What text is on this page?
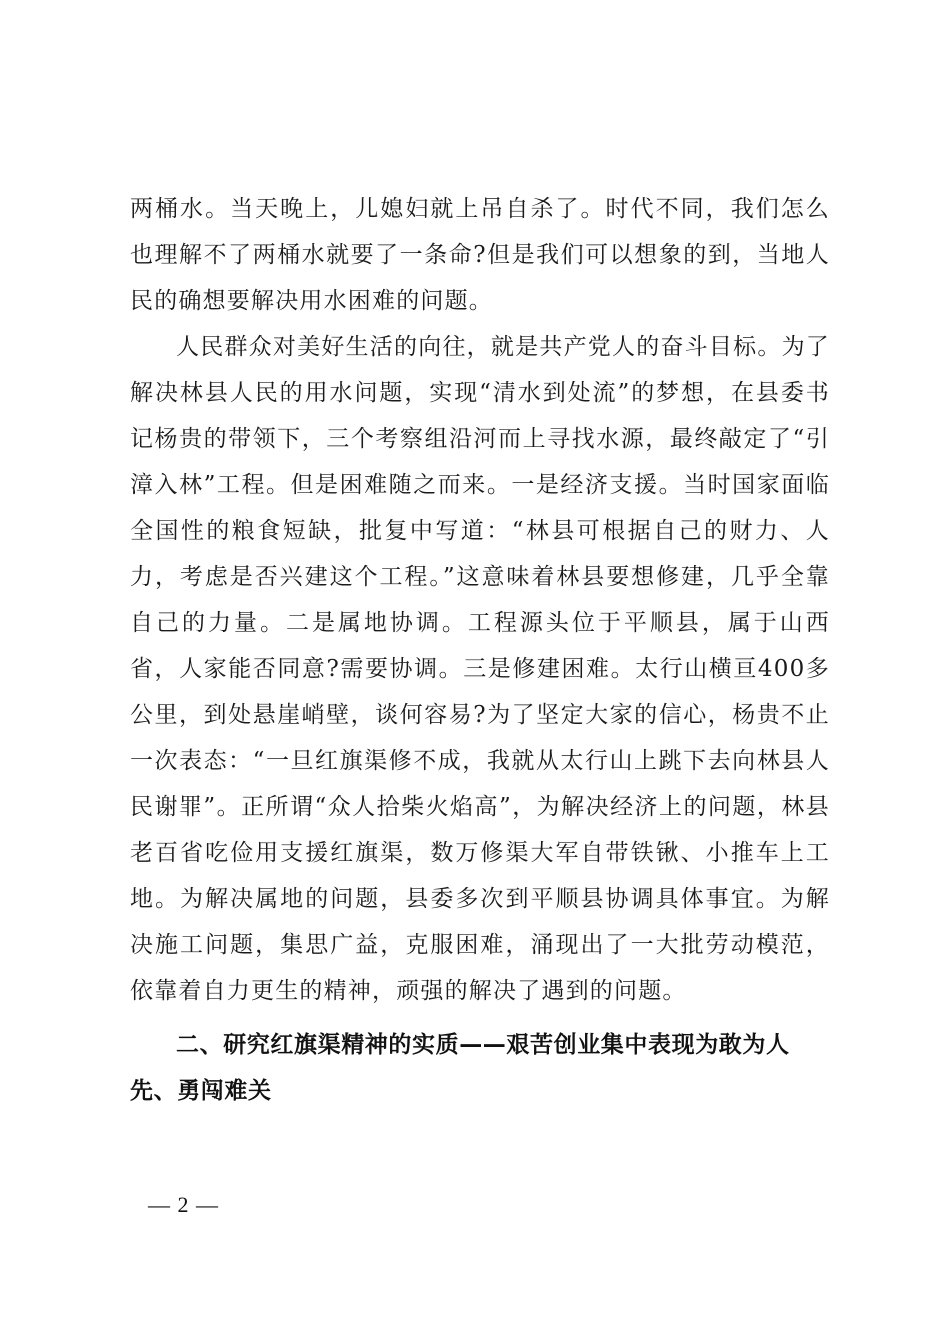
两桶水。当天晚上，儿媳妇就上吊自杀了。时代不同，我们怎么也理解不了两桶水就要了一条命?但是我们可以想象的到，当地人民的确想要解决用水困难的问题。

人民群众对美好生活的向往，就是共产党人的奋斗目标。为了解决林县人民的用水问题，实现“清水到处流”的梦想，在县委书记杨贵的带领下，三个考察组沿河而上寻找水源，最终敲定了“引漳入林”工程。但是困难随之而来。一是经济支援。当时国家面临全国性的粮食短缺，批复中写道：“林县可根据自己的财力、人力，考虑是否兴建这个工程。”这意味着林县要想修建，几乎全靠自己的力量。二是属地协调。工程源头位于平顺县，属于山西省，人家能否同意?需要协调。三是修建困难。太行山横亘400多公里，到处悬崖峭壁，谈何容易?为了坚定大家的信心，杨贵不止一次表态：“一旦红旗渠修不成，我就从太行山上跳下去向林县人民谢罪”。正所谓“众人拾柴火焰高”，为解决经济上的问题，林县老百省吃俭用支援红旗渠，数万修渠大军自带铁锹、小推车上工地。为解决属地的问题，县委多次到平顺县协调具体事宜。为解决施工问题，集思广益，克服困难，涌现出了一大批劳动模范，依靠着自力更生的精神，顽强的解决了遇到的问题。

二、研究红旗渠精神的实质——艰苦创业集中表现为敢为人先、勇闯难关
— 2 —
